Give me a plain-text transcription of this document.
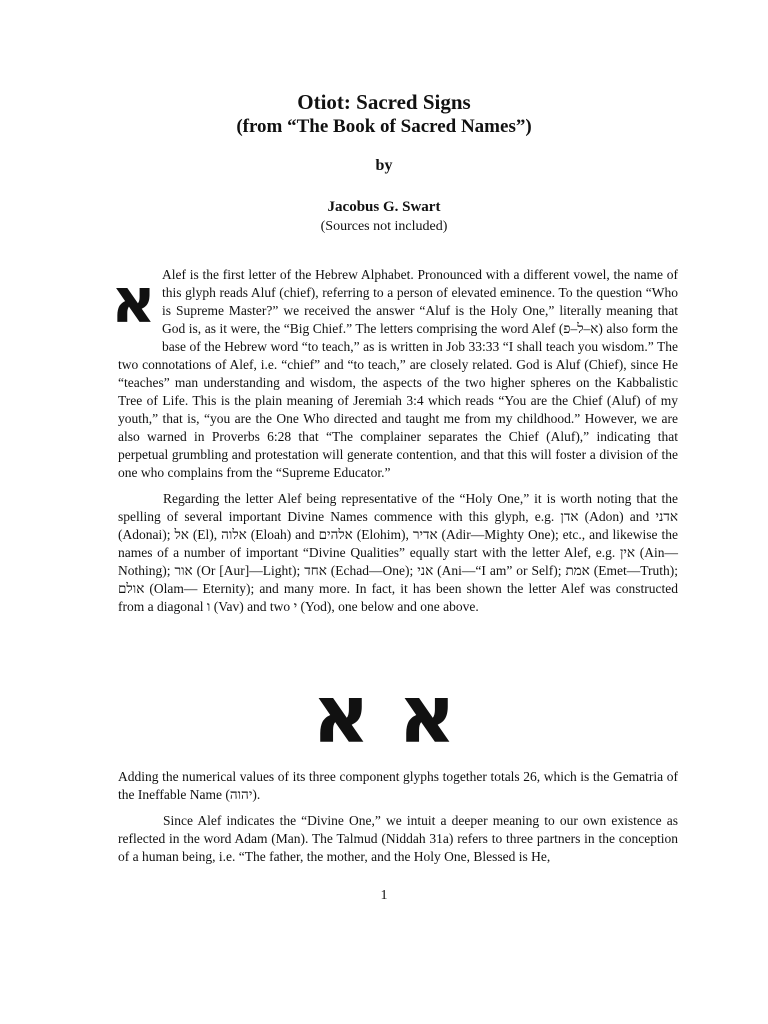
Otiot: Sacred Signs
(from “The Book of Sacred Names”)

by

Jacobus G. Swart

(Sources not included)

א Alef is the first letter of the Hebrew Alphabet. Pronounced with a different vowel, the name of this glyph reads Aluf (chief), referring to a person of elevated eminence. To the question “Who is Supreme Master?” we received the answer “Aluf is the Holy One,” literally meaning that God is, as it were, the “Big Chief.” The letters comprising the word Alef (א–ל–פ) also form the base of the Hebrew word “to teach,” as is written in Job 33:33 “I shall teach you wisdom.” The two connotations of Alef, i.e. “chief” and “to teach,” are closely related. God is Aluf (Chief), since He “teaches” man understanding and wisdom, the aspects of the two higher spheres on the Kabbalistic Tree of Life. This is the plain meaning of Jeremiah 3:4 which reads “You are the Chief (Aluf) of my youth,” that is, “you are the One Who directed and taught me from my childhood.” However, we are also warned in Proverbs 6:28 that “The complainer separates the Chief (Aluf),” indicating that perpetual grumbling and protestation will generate contention, and that this will foster a division of the one who complains from the “Supreme Educator.”

Regarding the letter Alef being representative of the “Holy One,” it is worth noting that the spelling of several important Divine Names commence with this glyph, e.g. אדן (Adon) and אדני (Adonai); אל (El), אלוה (Eloah) and אלהים (Elohim), אדיר (Adir—Mighty One); etc., and likewise the names of a number of important “Divine Qualities” equally start with the letter Alef, e.g. אין (Ain—Nothing); אור (Or [Aur]—Light); אחד (Echad—One); אני (Ani—“I am” or Self); אמת (Emet—Truth); אולם (Olam— Eternity); and many more. In fact, it has been shown the letter Alef was constructed from a diagonal ו (Vav) and two י (Yod), one below and one above.

א א

Adding the numerical values of its three component glyphs together totals 26, which is the Gematria of the Ineffable Name (יהוה).

Since Alef indicates the “Divine One,” we intuit a deeper meaning to our own existence as reflected in the word Adam (Man). The Talmud (Niddah 31a) refers to three partners in the conception of a human being, i.e. “The father, the mother, and the Holy One, Blessed is He,

1
